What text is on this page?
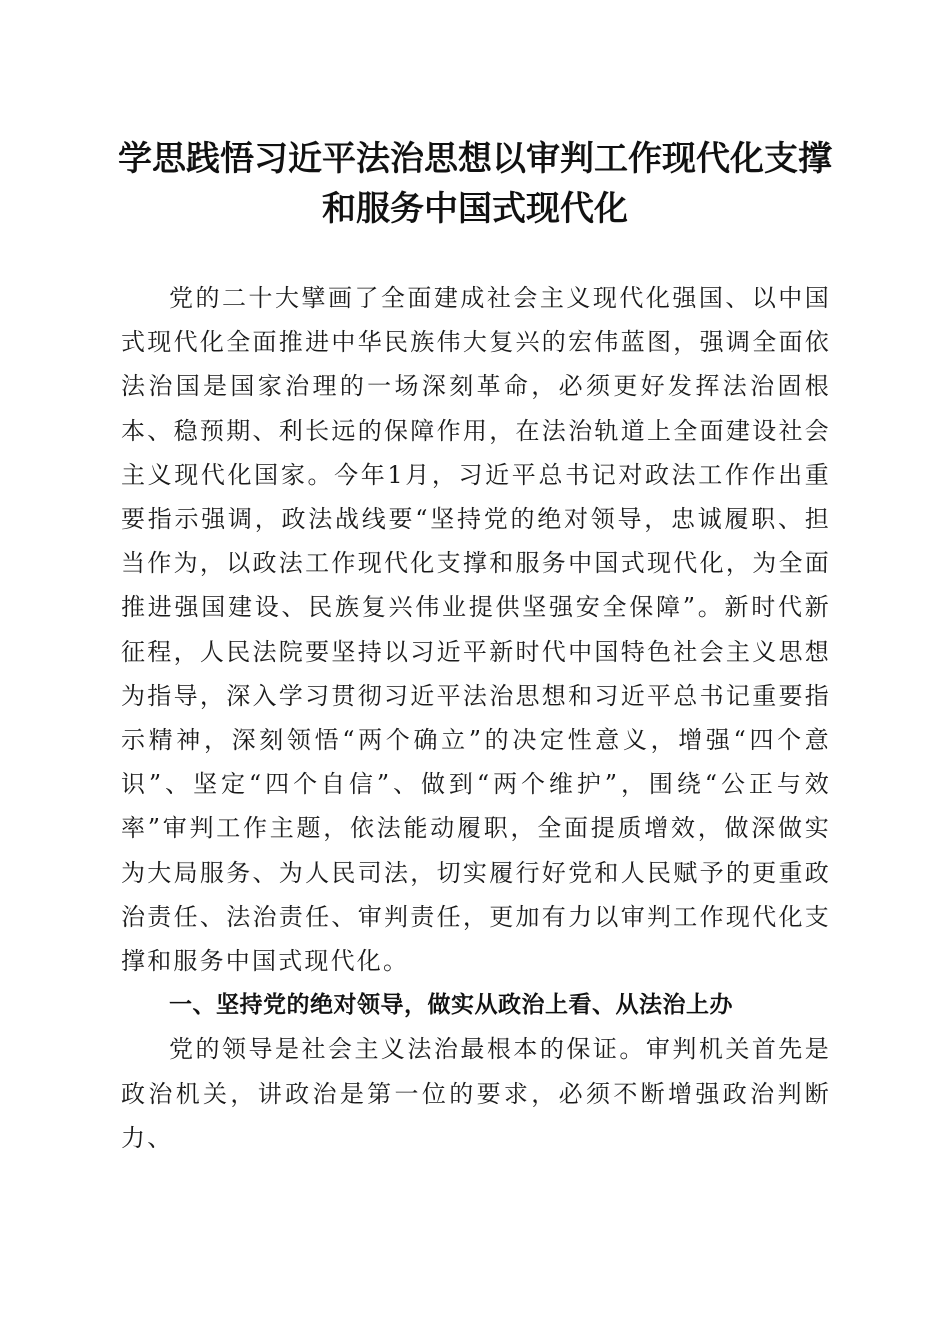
学思践悟习近平法治思想以审判工作现代化支撑和服务中国式现代化

党的二十大擘画了全面建成社会主义现代化强国、以中国式现代化全面推进中华民族伟大复兴的宏伟蓝图，强调全面依法治国是国家治理的一场深刻革命，必须更好发挥法治固根本、稳预期、利长远的保障作用，在法治轨道上全面建设社会主义现代化国家。今年1月，习近平总书记对政法工作作出重要指示强调，政法战线要“坚持党的绝对领导，忠诚履职、担当作为，以政法工作现代化支撑和服务中国式现代化，为全面推进强国建设、民族复兴伟业提供坚强安全保障”。新时代新征程，人民法院要坚持以习近平新时代中国特色社会主义思想为指导，深入学习贯彻习近平法治思想和习近平总书记重要指示精神，深刻领悟“两个确立”的决定性意义，增强“四个意识”、坚定“四个自信”、做到“两个维护”，围绕“公正与效率”审判工作主题，依法能动履职，全面提质增效，做深做实为大局服务、为人民司法，切实履行好党和人民赋予的更重政治责任、法治责任、审判责任，更加有力以审判工作现代化支撑和服务中国式现代化。

一、坚持党的绝对领导，做实从政治上看、从法治上办

党的领导是社会主义法治最根本的保证。审判机关首先是政治机关，讲政治是第一位的要求，必须不断增强政治判断力、
